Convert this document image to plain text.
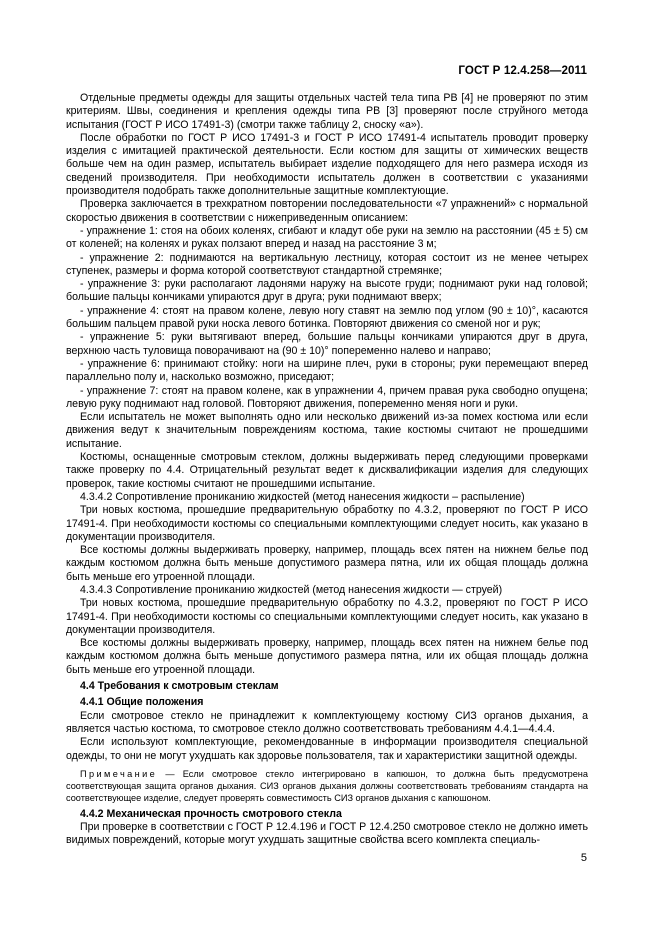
ГОСТ Р 12.4.258—2011

Отдельные предметы одежды для защиты отдельных частей тела типа РВ [4] не проверяют по этим критериям. Швы, соединения и крепления одежды типа РВ [3] проверяют после струйного метода испытания (ГОСТ Р ИСО 17491-3) (смотри также таблицу 2, сноску «а»).

После обработки по ГОСТ Р ИСО 17491-3 и ГОСТ Р ИСО 17491-4 испытатель проводит проверку изделия с имитацией практической деятельности. Если костюм для защиты от химических веществ больше чем на один размер, испытатель выбирает изделие подходящего для него размера исходя из сведений производителя. При необходимости испытатель должен в соответствии с указаниями производителя подобрать также дополнительные защитные комплектующие.

Проверка заключается в трехкратном повторении последовательности «7 упражнений» с нормальной скоростью движения в соответствии с нижеприведенным описанием:

- упражнение 1: стоя на обоих коленях, сгибают и кладут обе руки на землю на расстоянии (45 ± 5) см от коленей; на коленях и руках ползают вперед и назад на расстояние 3 м;

- упражнение 2: поднимаются на вертикальную лестницу, которая состоит из не менее четырех ступенек, размеры и форма которой соответствуют стандартной стремянке;

- упражнение 3: руки располагают ладонями наружу на высоте груди; поднимают руки над головой; большие пальцы кончиками упираются друг в друга; руки поднимают вверх;

- упражнение 4: стоят на правом колене, левую ногу ставят на землю под углом (90 ± 10)°, касаются большим пальцем правой руки носка левого ботинка. Повторяют движения со сменой ног и рук;

- упражнение 5: руки вытягивают вперед, большие пальцы кончиками упираются друг в друга, верхнюю часть туловища поворачивают на (90 ± 10)° попеременно налево и направо;

- упражнение 6: принимают стойку: ноги на ширине плеч, руки в стороны; руки перемещают вперед параллельно полу и, насколько возможно, приседают;

- упражнение 7: стоят на правом колене, как в упражнении 4, причем правая рука свободно опущена; левую руку поднимают над головой. Повторяют движения, попеременно меняя ноги и руки.

Если испытатель не может выполнять одно или несколько движений из-за помех костюма или если движения ведут к значительным повреждениям костюма, такие костюмы считают не прошедшими испытание.

Костюмы, оснащенные смотровым стеклом, должны выдерживать перед следующими проверками также проверку по 4.4. Отрицательный результат ведет к дисквалификации изделия для следующих проверок, такие костюмы считают не прошедшими испытание.

4.3.4.2 Сопротивление прониканию жидкостей (метод нанесения жидкости – распыление)

Три новых костюма, прошедшие предварительную обработку по 4.3.2, проверяют по ГОСТ Р ИСО 17491-4. При необходимости костюмы со специальными комплектующими следует носить, как указано в документации производителя.

Все костюмы должны выдерживать проверку, например, площадь всех пятен на нижнем белье под каждым костюмом должна быть меньше допустимого размера пятна, или их общая площадь должна быть меньше его утроенной площади.

4.3.4.3 Сопротивление прониканию жидкостей (метод нанесения жидкости — струей)

Три новых костюма, прошедшие предварительную обработку по 4.3.2, проверяют по ГОСТ Р ИСО 17491-4. При необходимости костюмы со специальными комплектующими следует носить, как указано в документации производителя.

Все костюмы должны выдерживать проверку, например, площадь всех пятен на нижнем белье под каждым костюмом должна быть меньше допустимого размера пятна, или их общая площадь должна быть меньше его утроенной площади.

4.4 Требования к смотровым стеклам

4.4.1 Общие положения

Если смотровое стекло не принадлежит к комплектующему костюму СИЗ органов дыхания, а является частью костюма, то смотровое стекло должно соответствовать требованиям 4.4.1—4.4.4.

Если используют комплектующие, рекомендованные в информации производителя специальной одежды, то они не могут ухудшать как здоровье пользователя, так и характеристики защитной одежды.

Примечание — Если смотровое стекло интегрировано в капюшон, то должна быть предусмотрена соответствующая защита органов дыхания. СИЗ органов дыхания должны соответствовать требованиям стандарта на соответствующее изделие, следует проверять совместимость СИЗ органов дыхания с капюшоном.

4.4.2 Механическая прочность смотрового стекла

При проверке в соответствии с ГОСТ Р 12.4.196 и ГОСТ Р 12.4.250 смотровое стекло не должно иметь видимых повреждений, которые могут ухудшать защитные свойства всего комплекта специаль-

5
